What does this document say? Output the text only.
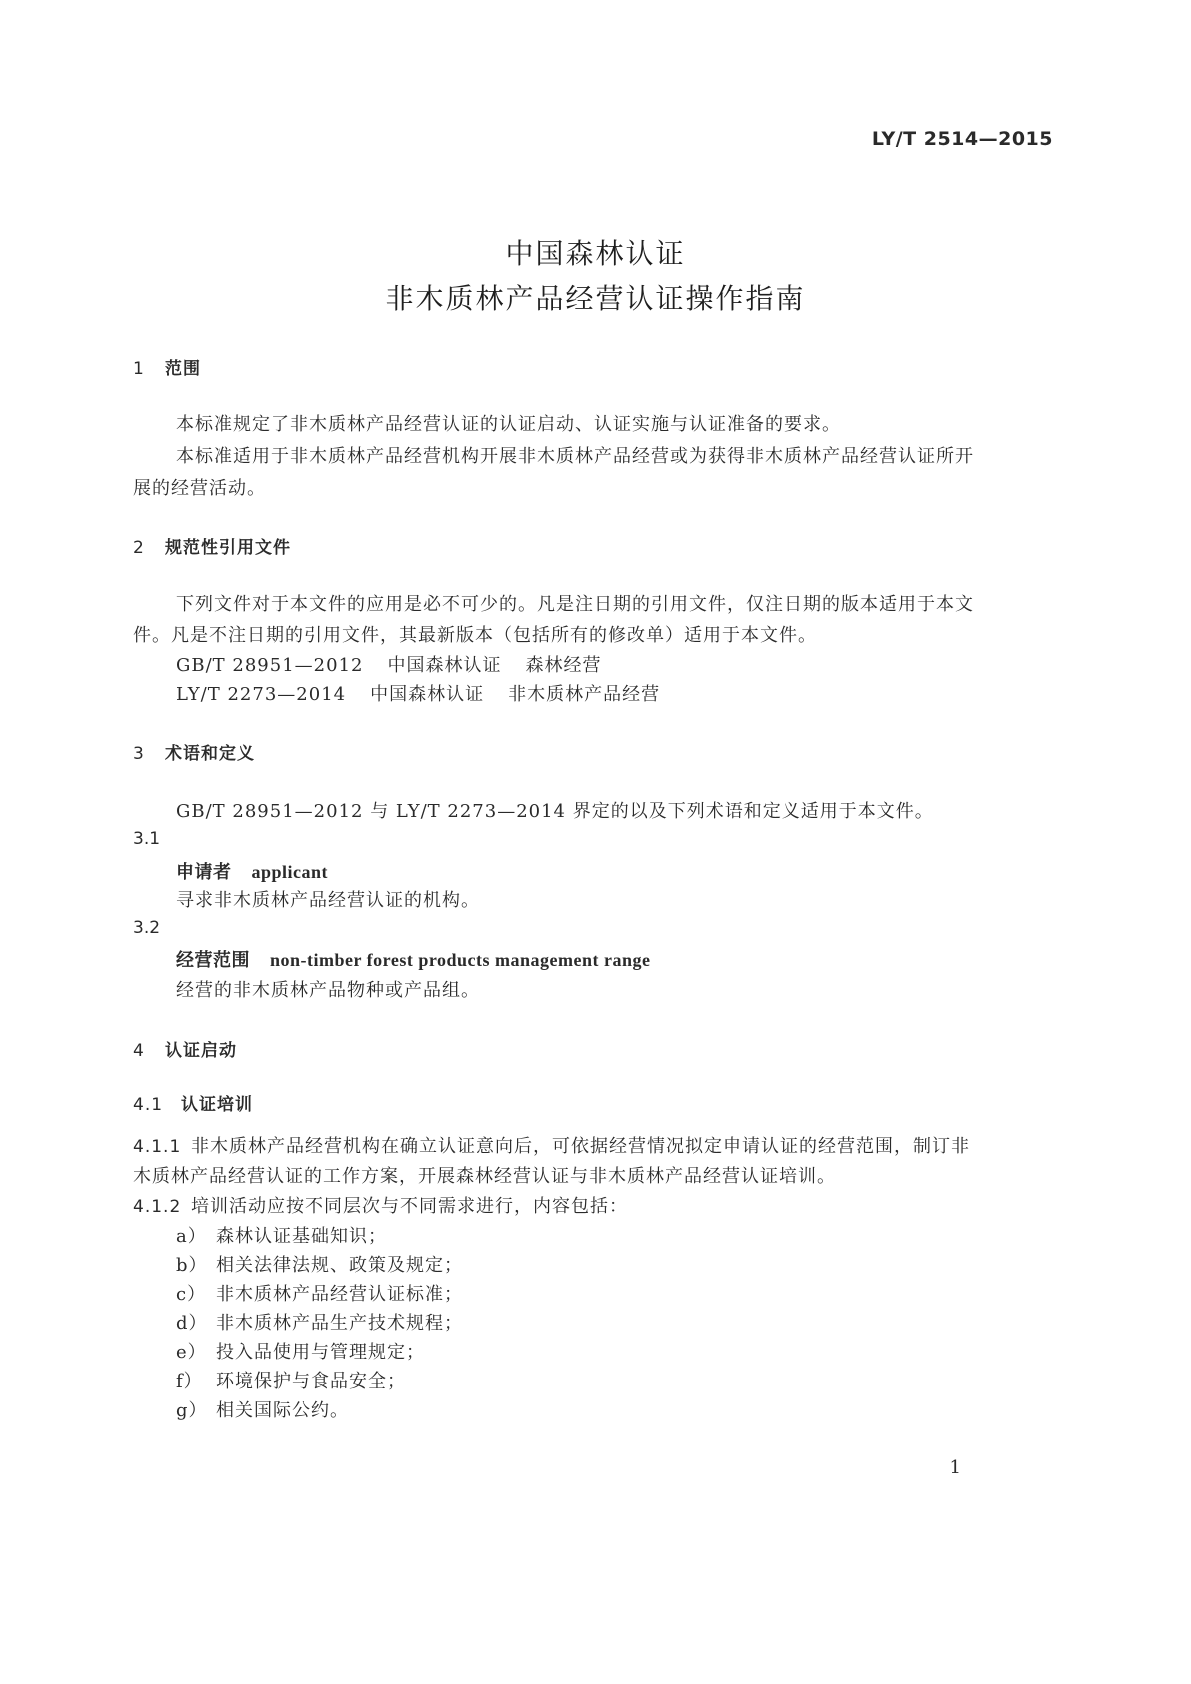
LY/T 2514—2015
中国森林认证
非木质林产品经营认证操作指南
1 范围
本标准规定了非木质林产品经营认证的认证启动、认证实施与认证准备的要求。
本标准适用于非木质林产品经营机构开展非木质林产品经营或为获得非木质林产品经营认证所开
展的经营活动。
2 规范性引用文件
下列文件对于本文件的应用是必不可少的。凡是注日期的引用文件，仅注日期的版本适用于本文
件。凡是不注日期的引用文件，其最新版本（包括所有的修改单）适用于本文件。
GB/T 28951—2012 中国森林认证 森林经营
LY/T 2273—2014 中国森林认证 非木质林产品经营
3 术语和定义
GB/T 28951—2012 与 LY/T 2273—2014 界定的以及下列术语和定义适用于本文件。
3.1
申请者 applicant
寻求非木质林产品经营认证的机构。
3.2
经营范围 non-timber forest products management range
经营的非木质林产品物种或产品组。
4 认证启动
4.1 认证培训
4.1.1 非木质林产品经营机构在确立认证意向后，可依据经营情况拟定申请认证的经营范围，制订非
木质林产品经营认证的工作方案，开展森林经营认证与非木质林产品经营认证培训。
4.1.2 培训活动应按不同层次与不同需求进行，内容包括：
a） 森林认证基础知识；
b） 相关法律法规、政策及规定；
c） 非木质林产品经营认证标准；
d） 非木质林产品生产技术规程；
e） 投入品使用与管理规定；
f） 环境保护与食品安全；
g） 相关国际公约。
1
